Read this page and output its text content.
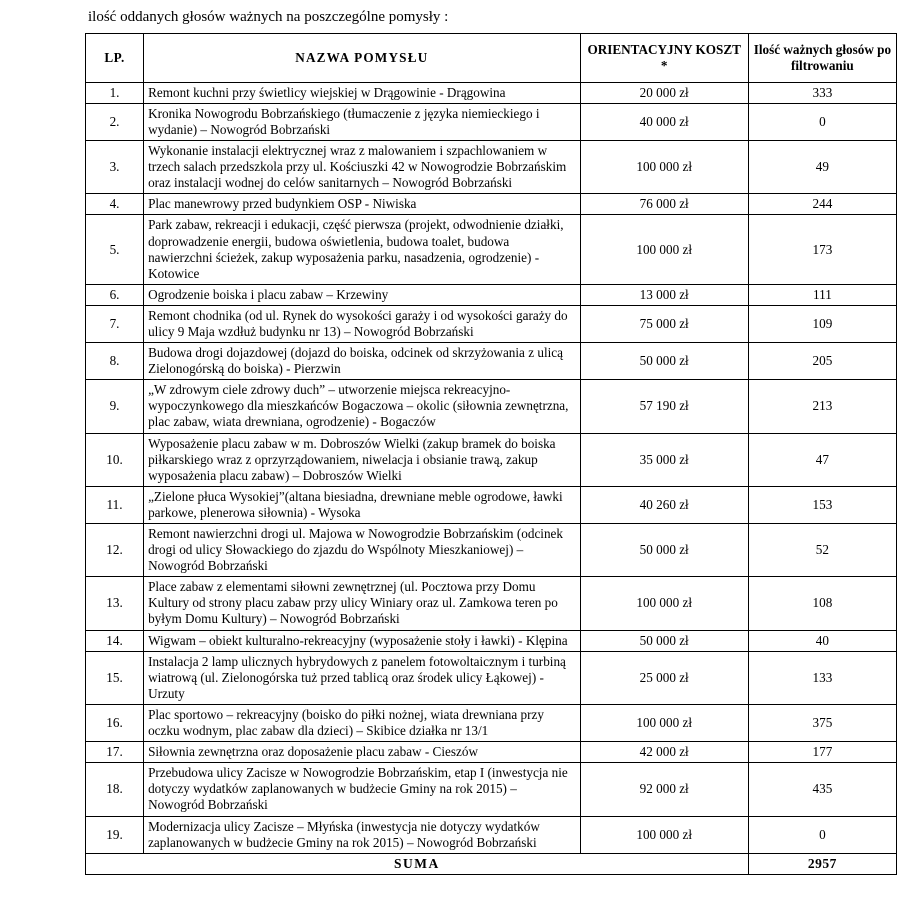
ilość oddanych głosów ważnych na poszczególne pomysły :
LP.	NAZWA POMYSŁU	ORIENTACYJNY KOSZT *	Ilość ważnych głosów po filtrowaniu
1.	Remont kuchni przy świetlicy wiejskiej w Drągowinie - Drągowina	20 000 zł	333
2.	Kronika Nowogrodu Bobrzańskiego (tłumaczenie z języka niemieckiego i wydanie) – Nowogród Bobrzański	40 000 zł	0
3.	Wykonanie instalacji elektrycznej wraz z malowaniem i szpachlowaniem w trzech salach przedszkola przy ul. Kościuszki 42 w Nowogrodzie Bobrzańskim oraz instalacji wodnej do celów sanitarnych – Nowogród Bobrzański	100 000 zł	49
4.	Plac manewrowy przed budynkiem OSP - Niwiska	76 000 zł	244
5.	Park zabaw, rekreacji i edukacji, część pierwsza (projekt, odwodnienie działki, doprowadzenie energii, budowa oświetlenia, budowa toalet, budowa nawierzchni ścieżek, zakup wyposażenia parku, nasadzenia, ogrodzenie) - Kotowice	100 000 zł	173
6.	Ogrodzenie boiska i placu zabaw – Krzewiny	13 000 zł	111
7.	Remont chodnika (od ul. Rynek do wysokości garaży i od wysokości garaży do ulicy 9 Maja wzdłuż budynku nr 13) – Nowogród Bobrzański	75 000 zł	109
8.	Budowa drogi dojazdowej (dojazd do boiska, odcinek od skrzyżowania z ulicą Zielonogórską do boiska) - Pierzwin	50 000 zł	205
9.	„W zdrowym ciele zdrowy duch” – utworzenie miejsca rekreacyjno-wypoczynkowego dla mieszkańców Bogaczowa – okolic (siłownia zewnętrzna, plac zabaw, wiata drewniana, ogrodzenie) - Bogaczów	57 190 zł	213
10.	Wyposażenie placu zabaw w m. Dobroszów Wielki (zakup bramek do boiska piłkarskiego wraz z oprzyrządowaniem, niwelacja i obsianie trawą, zakup wyposażenia placu zabaw) – Dobroszów Wielki	35 000 zł	47
11.	„Zielone płuca Wysokiej”(altana biesiadna, drewniane meble ogrodowe, ławki parkowe, plenerowa siłownia) - Wysoka	40 260 zł	153
12.	Remont nawierzchni drogi ul. Majowa w Nowogrodzie Bobrzańskim (odcinek drogi od ulicy Słowackiego do zjazdu do Wspólnoty Mieszkaniowej) – Nowogród Bobrzański	50 000 zł	52
13.	Place zabaw z elementami siłowni zewnętrznej (ul. Pocztowa przy Domu Kultury od strony placu zabaw przy ulicy Winiary oraz ul. Zamkowa teren po byłym Domu Kultury) – Nowogród Bobrzański	100 000 zł	108
14.	Wigwam – obiekt kulturalno-rekreacyjny (wyposażenie stoły i ławki) - Klępina	50 000 zł	40
15.	Instalacja 2 lamp ulicznych hybrydowych z panelem fotowoltaicznym i turbiną wiatrową (ul. Zielonogórska tuż przed tablicą oraz środek ulicy Łąkowej) - Urzuty	25 000 zł	133
16.	Plac sportowo – rekreacyjny (boisko do piłki nożnej, wiata drewniana przy oczku wodnym, plac zabaw dla dzieci) – Skibice działka nr 13/1	100 000 zł	375
17.	Siłownia zewnętrzna oraz doposażenie placu zabaw - Cieszów	42 000 zł	177
18.	Przebudowa ulicy Zacisze w Nowogrodzie Bobrzańskim, etap I (inwestycja nie dotyczy wydatków zaplanowanych w budżecie Gminy na rok 2015) – Nowogród Bobrzański	92 000 zł	435
19.	Modernizacja ulicy Zacisze – Młyńska (inwestycja nie dotyczy wydatków zaplanowanych w budżecie Gminy na rok 2015) – Nowogród Bobrzański	100 000 zł	0
SUMA			2957
